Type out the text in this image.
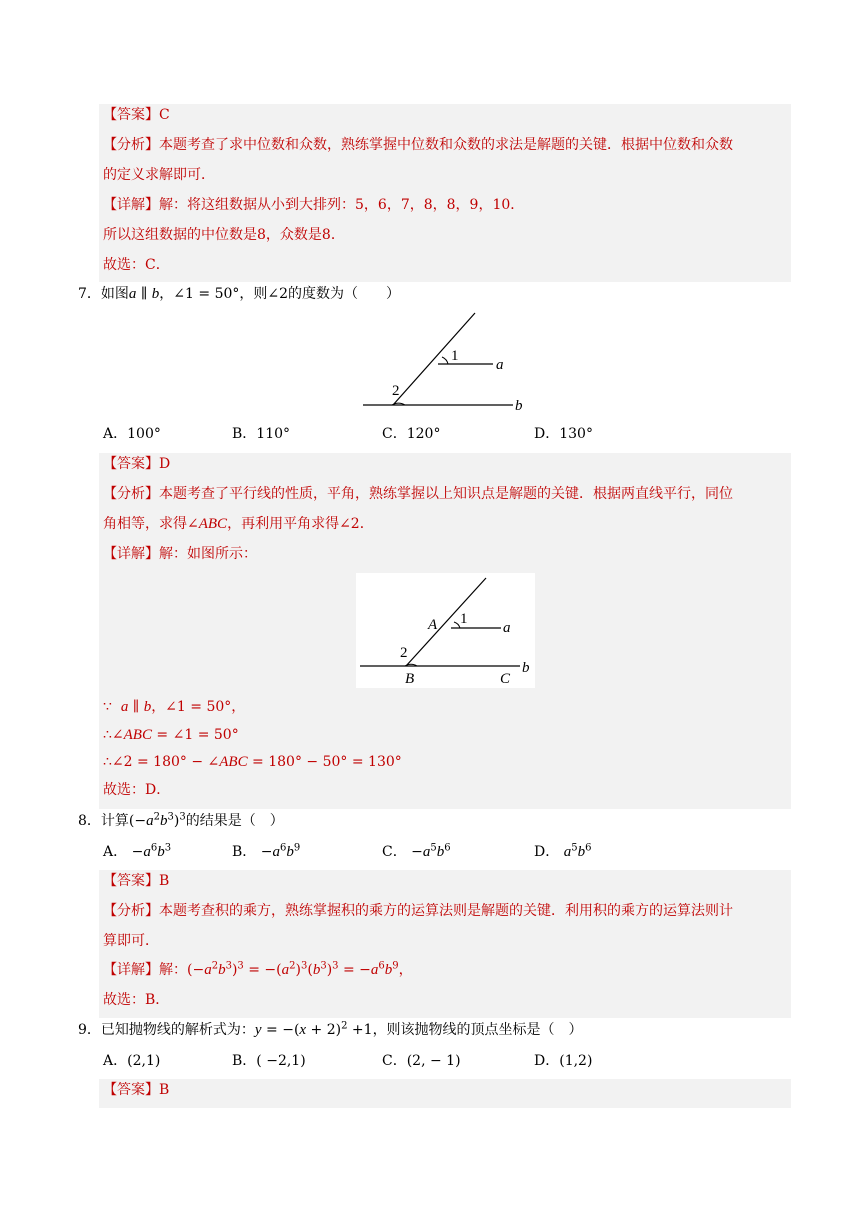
【答案】C
【分析】本题考查了求中位数和众数，熟练掌握中位数和众数的求法是解题的关键．根据中位数和众数
的定义求解即可．
【详解】解：将这组数据从小到大排列：5，6，7，8，8，9，10．
所以这组数据的中位数是8，众数是8．
故选：C．
7．如图a ∥ b，∠1 = 50°，则∠2的度数为（　　）
1
2
a
b
A．100°	B．110°	C．120°	D．130°
【答案】D
【分析】本题考查了平行线的性质，平角，熟练掌握以上知识点是解题的关键．根据两直线平行，同位
角相等，求得∠ABC，再利用平角求得∠2．
【详解】解：如图所示：
A 1
a
2
b
B	C
∵  a ∥ b，∠1 = 50°，
∴∠ABC = ∠1 = 50°
∴∠2 = 180° − ∠ABC = 180° − 50° = 130°
故选：D．
8．计算$(-a^2b^3)^3$的结果是（　）
A． $-a^6b^3$	B． $-a^6b^9$	C． $-a^5b^6$	D． $a^5b^6$
【答案】B
【分析】本题考查积的乘方，熟练掌握积的乘方的运算法则是解题的关键．利用积的乘方的运算法则计
算即可．
【详解】解：$(-a^2b^3)^3 = -(a^2)^3(b^3)^3 = -a^6b^9$，
故选：B．
9．已知抛物线的解析式为：$y = -(x + 2)^2 +1$，则该抛物线的顶点坐标是（　）
A．(2,1)	B．( −2,1)	C．(2, − 1)	D．(1,2)
【答案】B
